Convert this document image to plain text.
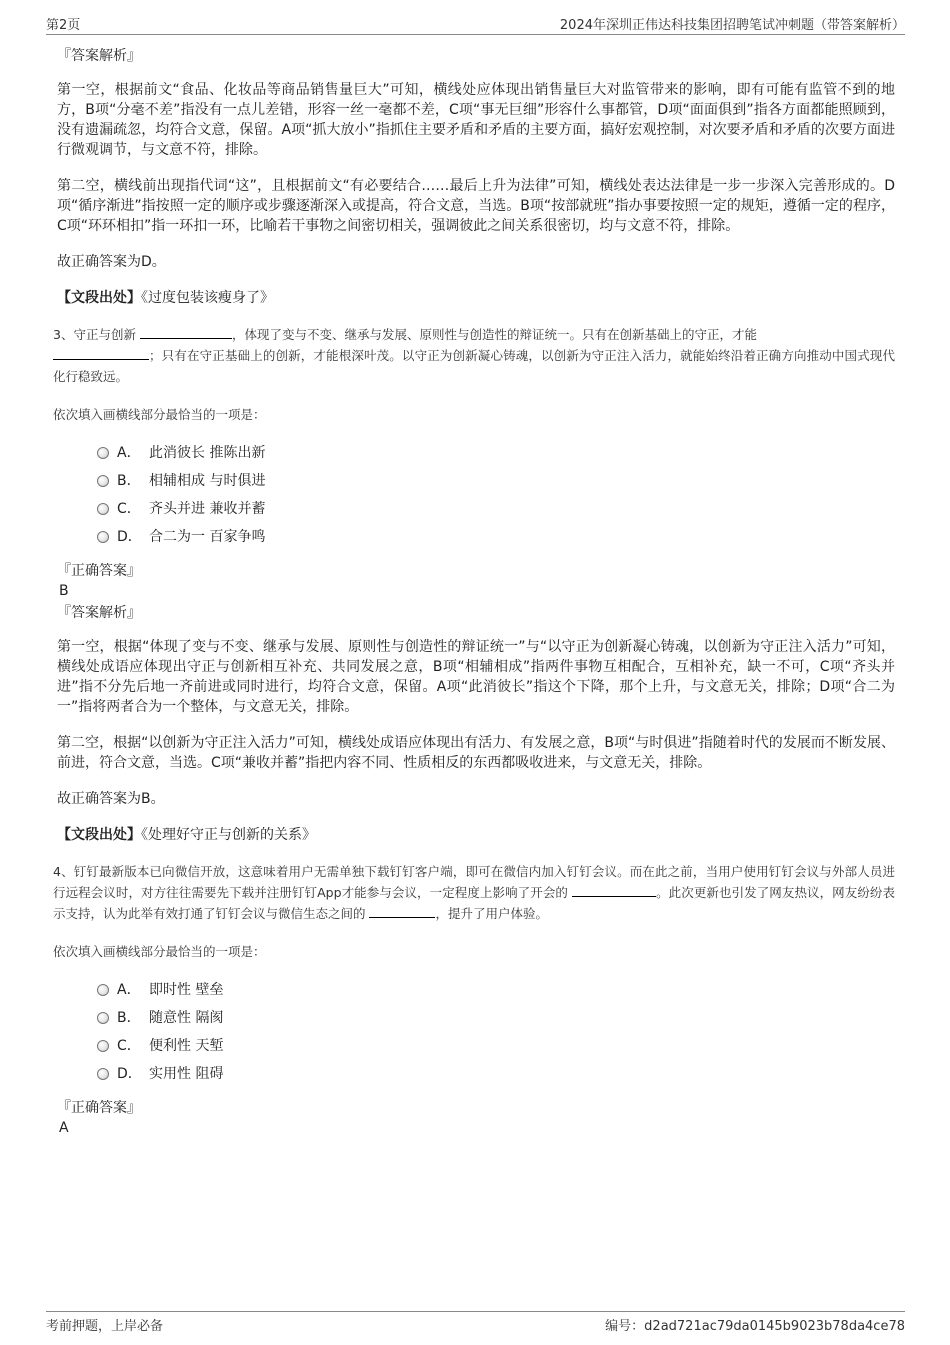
第2页	2024年深圳正伟达科技集团招聘笔试冲刺题（带答案解析）
『答案解析』

第一空，根据前文“食品、化妆品等商品销售量巨大”可知，横线处应体现出销售量巨大对监管带来的影响，即有可能有监管不到的地方，B项“分毫不差”指没有一点儿差错，形容一丝一毫都不差，C项“事无巨细”形容什么事都管，D项“面面俱到”指各方面都能照顾到，没有遗漏疏忽，均符合文意，保留。A项“抓大放小”指抓住主要矛盾和矛盾的主要方面，搞好宏观控制，对次要矛盾和矛盾的次要方面进行微观调节，与文意不符，排除。

第二空，横线前出现指代词“这”，且根据前文“有必要结合……最后上升为法律”可知，横线处表达法律是一步一步深入完善形成的。D项“循序渐进”指按照一定的顺序或步骤逐渐深入或提高，符合文意，当选。B项“按部就班”指办事要按照一定的规矩，遵循一定的程序，C项“环环相扣”指一环扣一环，比喻若干事物之间密切相关，强调彼此之间关系很密切，均与文意不符，排除。

故正确答案为D。

【文段出处】《过度包装该瘦身了》

3、守正与创新	，体现了变与不变、继承与发展、原则性与创造性的辩证统一。只有在创新基础上的守正，才能
；只有在守正基础上的创新，才能根深叶茂。以守正为创新凝心铸魂，以创新为守正注入活力，就能始终沿着正确方向推动中国式现代化行稳致远。
依次填入画横线部分最恰当的一项是：
A． 此消彼长 推陈出新
B． 相辅相成 与时俱进
C． 齐头并进 兼收并蓄
D． 合二为一 百家争鸣
『正确答案』
B
『答案解析』

第一空，根据“体现了变与不变、继承与发展、原则性与创造性的辩证统一”与“以守正为创新凝心铸魂，以创新为守正注入活力”可知，横线处成语应体现出守正与创新相互补充、共同发展之意，B项“相辅相成”指两件事物互相配合，互相补充，缺一不可，C项“齐头并进”指不分先后地一齐前进或同时进行，均符合文意，保留。A项“此消彼长”指这个下降，那个上升，与文意无关，排除；D项“合二为一”指将两者合为一个整体，与文意无关，排除。

第二空，根据“以创新为守正注入活力”可知，横线处成语应体现出有活力、有发展之意，B项“与时俱进”指随着时代的发展而不断发展、前进，符合文意，当选。C项“兼收并蓄”指把内容不同、性质相反的东西都吸收进来，与文意无关，排除。

故正确答案为B。

【文段出处】《处理好守正与创新的关系》

4、钉钉最新版本已向微信开放，这意味着用户无需单独下载钉钉客户端，即可在微信内加入钉钉会议。而在此之前，当用户使用钉钉会议与外部人员进行远程会议时，对方往往需要先下载并注册钉钉App才能参与会议，一定程度上影响了开会的	。此次更新也引发了网友热议，网友纷纷表示支持，认为此举有效打通了钉钉会议与微信生态之间的	，提升了用户体验。
依次填入画横线部分最恰当的一项是：
A． 即时性 壁垒
B． 随意性 隔阂
C． 便利性 天堑
D． 实用性 阻碍
『正确答案』
A
考前押题，上岸必备	编号：d2ad721ac79da0145b9023b78da4ce78
